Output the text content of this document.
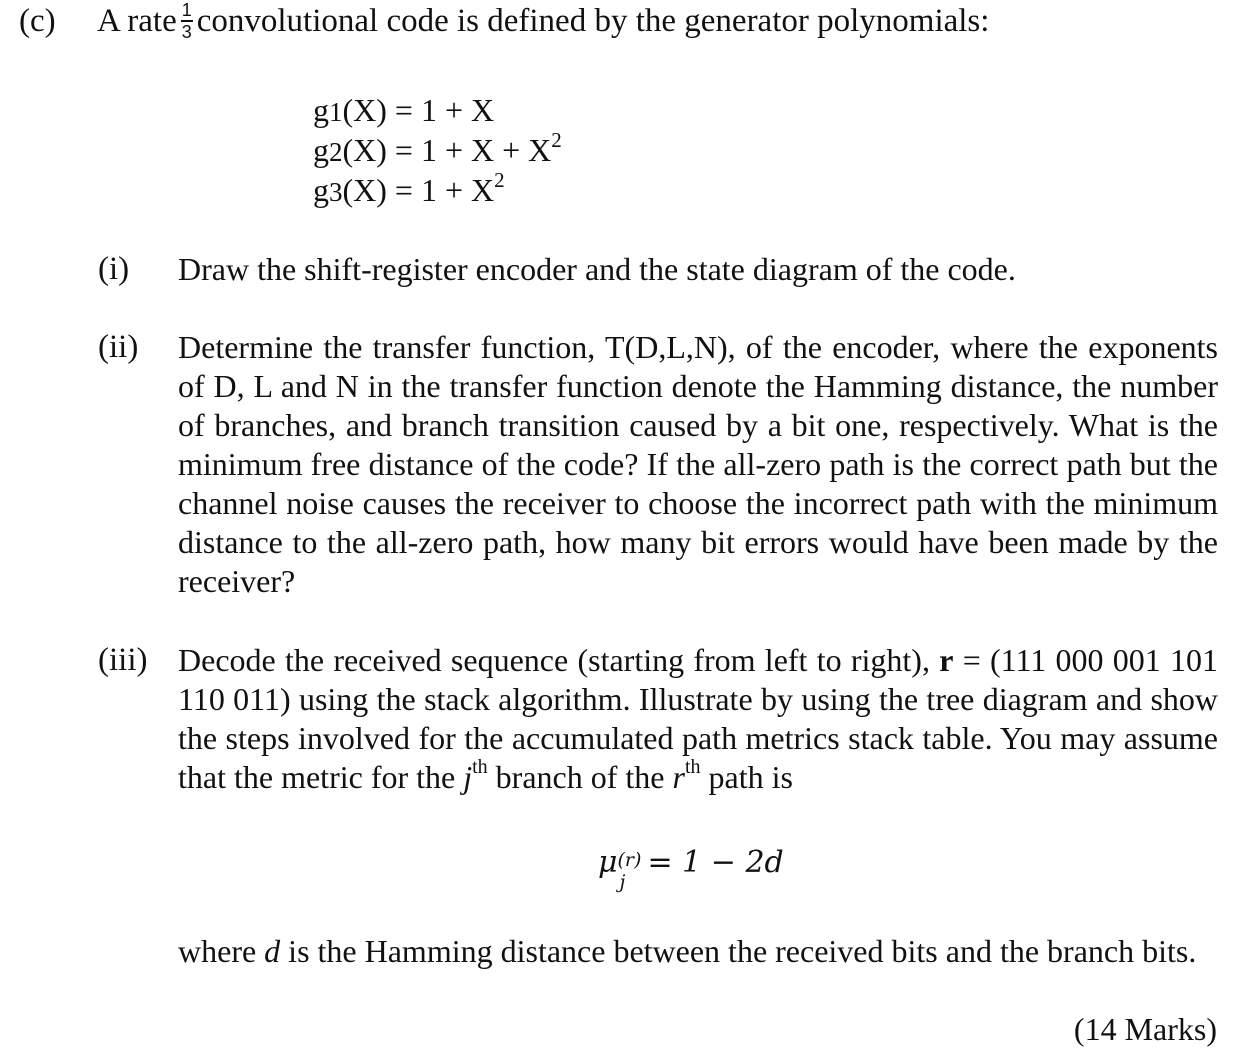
(c) A rate $\frac{1}{3}$ convolutional code is defined by the generator polynomials:
g1(X) = 1 + X
$g2(X) = 1 + X + X^2$
$g3(X) = 1 + X^2$
(i) Draw the shift-register encoder and the state diagram of the code.
(ii) Determine the transfer function, T(D,L,N), of the encoder, where the exponents of D, L and N in the transfer function denote the Hamming distance, the number of branches, and branch transition caused by a bit one, respectively. What is the minimum free distance of the code? If the all-zero path is the correct path but the channel noise causes the receiver to choose the incorrect path with the minimum distance to the all-zero path, how many bit errors would have been made by the receiver?
(iii) Decode the received sequence (starting from left to right), r = (111 000 001 101 110 011) using the stack algorithm. Illustrate by using the tree diagram and show the steps involved for the accumulated path metrics stack table. You may assume that the metric for the $j^{th}$ branch of the $r^{th}$ path is
μ (r)
j
= 1 − 2d
where d is the Hamming distance between the received bits and the branch bits.
(14 Marks)
